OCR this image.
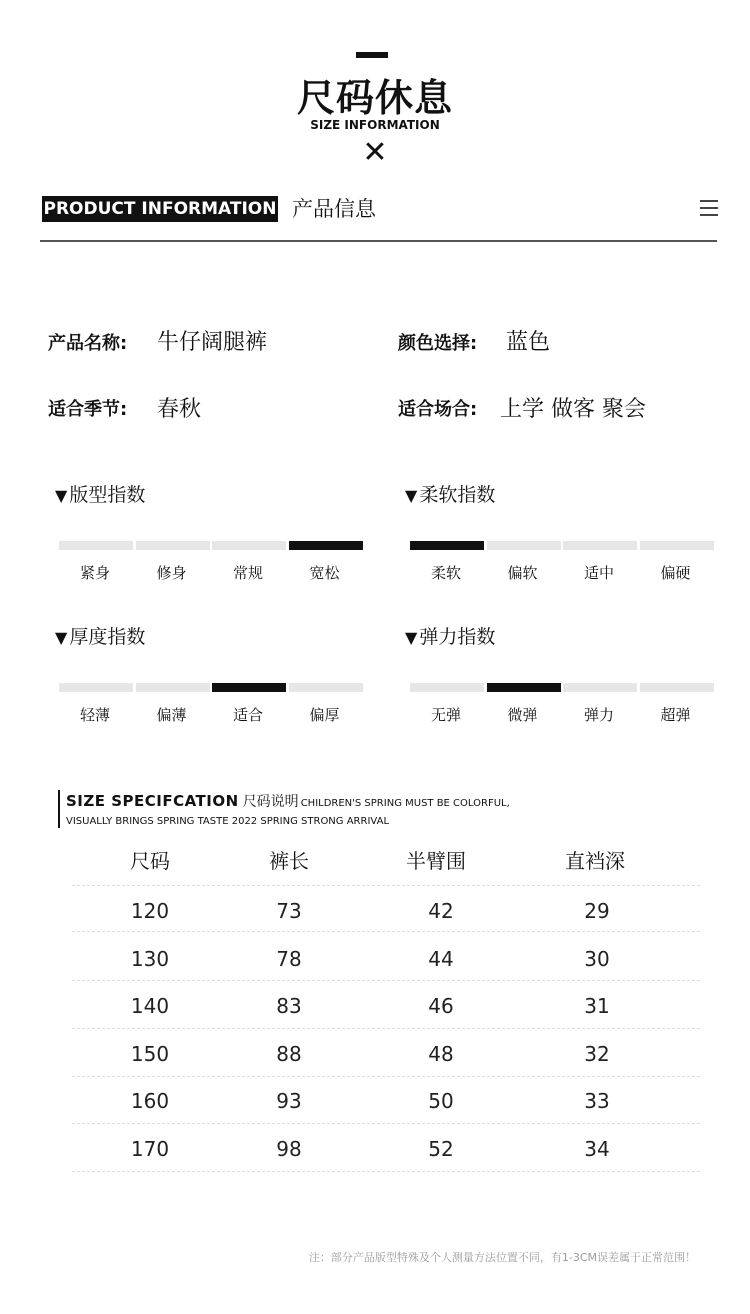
尺码休息
SIZE INFORMATION
✕
PRODUCT INFORMATION 产品信息
产品名称: 牛仔阔腿裤	颜色选择: 蓝色
适合季节: 春秋	适合场合: 上学 做客 聚会
▼ 版型指数
紧身	修身	常规	宽松
▼ 柔软指数
柔软	偏软	适中	偏硬
▼ 厚度指数
轻薄	偏薄	适合	偏厚
▼ 弹力指数
无弹	微弹	弹力	超弹
SIZE SPECIFCATION 尺码说明 CHILDREN'S SPRING MUST BE COLORFUL,
VISUALLY BRINGS SPRING TASTE 2022 SPRING STRONG ARRIVAL
尺码	裤长	半臂围	直裆深
120	73	42	29
130	78	44	30
140	83	46	31
150	88	48	32
160	93	50	33
170	98	52	34
注：部分产品版型特殊及个人测量方法位置不同，有1-3CM误差属于正常范围！
